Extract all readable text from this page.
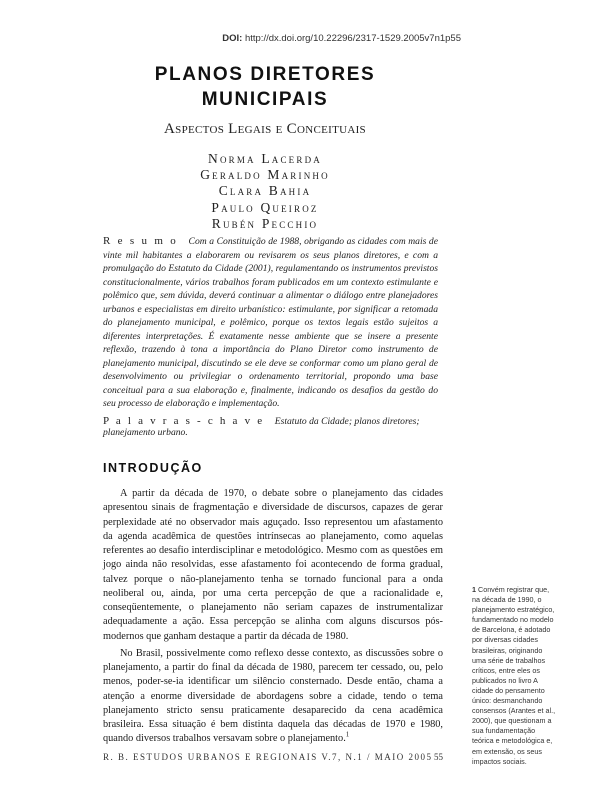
DOI: http://dx.doi.org/10.22296/2317-1529.2005v7n1p55
PLANOS DIRETORES
MUNICIPAIS
Aspectos Legais e Conceituais
Norma Lacerda
Geraldo Marinho
Clara Bahia
Paulo Queiroz
Rubén Pecchio
R e s u m o Com a Constituição de 1988, obrigando as cidades com mais de vinte mil habitantes a elaborarem ou revisarem os seus planos diretores, e com a promulgação do Estatuto da Cidade (2001), regulamentando os instrumentos previstos constitucionalmente, vários trabalhos foram publicados em um contexto estimulante e polêmico que, sem dúvida, deverá continuar a alimentar o diálogo entre planejadores urbanos e especialistas em direito urbanístico: estimulante, por significar a retomada do planejamento municipal, e polêmico, porque os textos legais estão sujeitos a diferentes interpretações. É exatamente nesse ambiente que se insere a presente reflexão, trazendo à tona a importância do Plano Diretor como instrumento de planejamento municipal, discutindo se ele deve se conformar como um plano geral de desenvolvimento ou privilegiar o ordenamento territorial, propondo uma base conceitual para a sua elaboração e, finalmente, indicando os desafios da gestão do seu processo de elaboração e implementação.
P a l a v r a s - c h a v e Estatuto da Cidade; planos diretores; planejamento urbano.
INTRODUÇÃO

A partir da década de 1970, o debate sobre o planejamento das cidades apresentou sinais de fragmentação e diversidade de discursos, capazes de gerar perplexidade até no observador mais aguçado. Isso representou um afastamento da agenda acadêmica de questões intrínsecas ao planejamento, como aquelas referentes ao desafio interdisciplinar e metodológico. Mesmo com as questões em jogo ainda não resolvidas, esse afastamento foi acontecendo de forma gradual, talvez porque o não-planejamento tenha se tornado funcional para a onda neoliberal ou, ainda, por uma certa percepção de que a racionalidade e, conseqüentemente, o planejamento não seriam capazes de instrumentalizar adequadamente a ação. Essa percepção se alinha com alguns discursos pós-modernos que ganham destaque a partir da década de 1980.

No Brasil, possivelmente como reflexo desse contexto, as discussões sobre o planejamento, a partir do final da década de 1980, parecem ter cessado, ou, pelo menos, poder-se-ia identificar um silêncio consternado. Desde então, chama a atenção a enorme diversidade de abordagens sobre a cidade, tendo o tema planejamento stricto sensu praticamente desaparecido da cena acadêmica brasileira. Essa situação é bem distinta daquela das décadas de 1970 e 1980, quando diversos trabalhos versavam sobre o planejamento.$^1$

1 Convém registrar que, na década de 1990, o planejamento estratégico, fundamentado no modelo de Barcelona, é adotado por diversas cidades brasileiras, originando uma série de trabalhos críticos, entre eles os publicados no livro A cidade do pensamento único: desmanchando consensos (Arantes et al., 2000), que questionam a sua fundamentação teórica e metodológica e, em extensão, os seus impactos sociais.
R. B. ESTUDOS URBANOS E REGIONAIS V.7, N.1 / MAIO 2005 55
